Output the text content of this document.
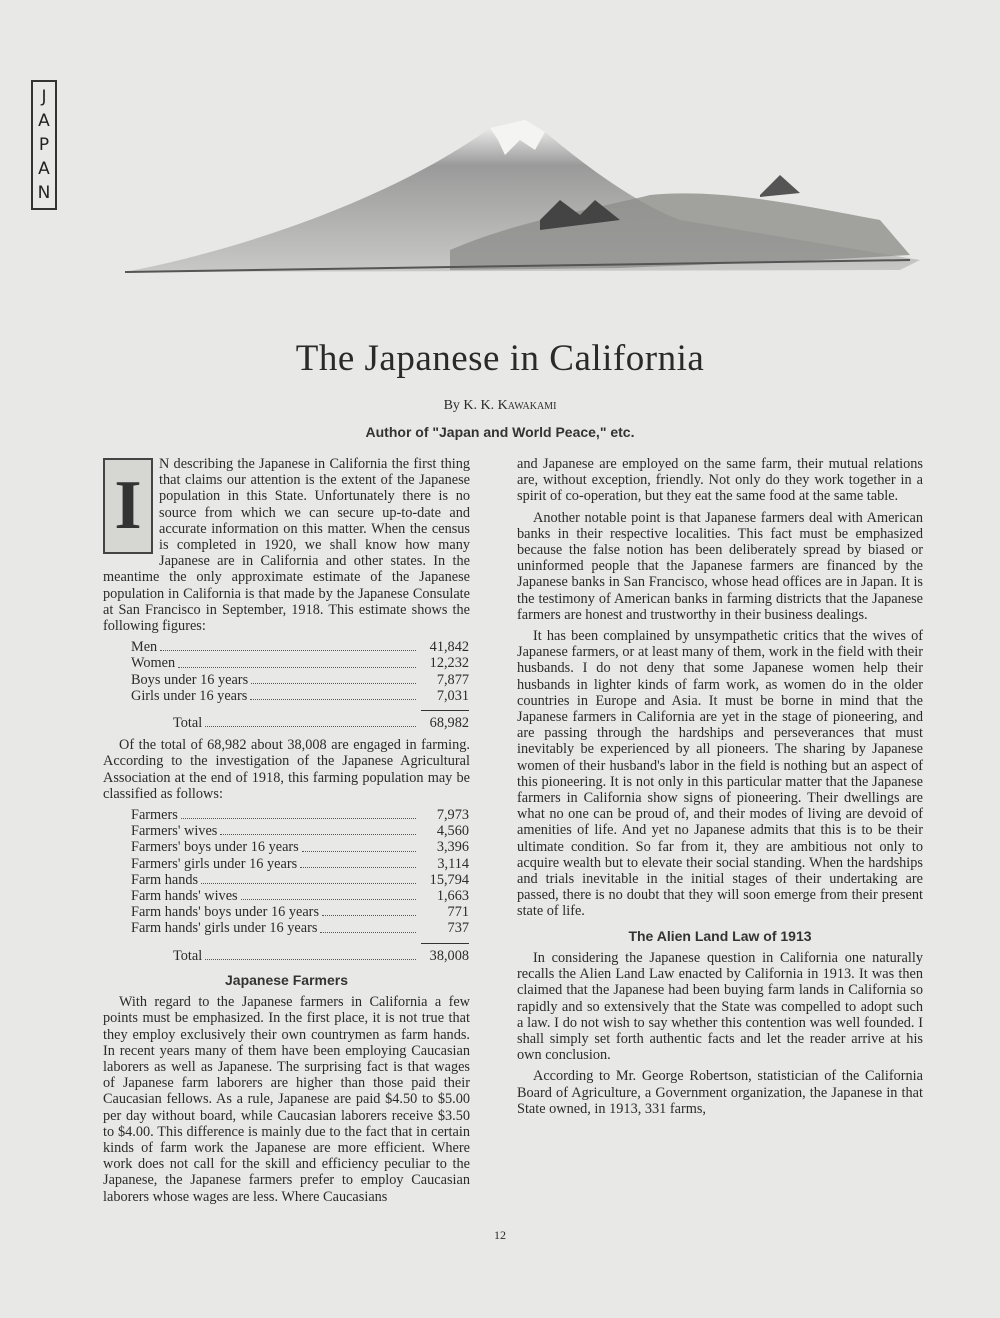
J
A
P
A
N
The Japanese in California
By K. K. Kawakami
Author of "Japan and World Peace," etc.

I
N describing the Japanese in California the first thing that claims our attention is the extent of the Japanese population in this State. Unfortunately there is no source from which we can secure up-to-date and accurate information on this matter. When the census is completed in 1920, we shall know how many Japanese are in California and other states. In the meantime the only approximate estimate of the Japanese population in California is that made by the Japanese Consulate at San Francisco in September, 1918. This estimate shows the following figures:

Men	41,842
Women	12,232
Boys under 16 years	7,877
Girls under 16 years	7,031
Total	68,982

Of the total of 68,982 about 38,008 are engaged in farming. According to the investigation of the Japanese Agricultural Association at the end of 1918, this farming population may be classified as follows:

Farmers	7,973
Farmers' wives	4,560
Farmers' boys under 16 years	3,396
Farmers' girls under 16 years	3,114
Farm hands	15,794
Farm hands' wives	1,663
Farm hands' boys under 16 years	771
Farm hands' girls under 16 years	737
Total	38,008
Japanese Farmers

With regard to the Japanese farmers in California a few points must be emphasized. In the first place, it is not true that they employ exclusively their own countrymen as farm hands. In recent years many of them have been employing Caucasian laborers as well as Japanese. The surprising fact is that wages of Japanese farm laborers are higher than those paid their Caucasian fellows. As a rule, Japanese are paid $4.50 to $5.00 per day without board, while Caucasian laborers receive $3.50 to $4.00. This difference is mainly due to the fact that in certain kinds of farm work the Japanese are more efficient. Where work does not call for the skill and efficiency peculiar to the Japanese, the Japanese farmers prefer to employ Caucasian laborers whose wages are less. Where Caucasians

and Japanese are employed on the same farm, their mutual relations are, without exception, friendly. Not only do they work together in a spirit of co-operation, but they eat the same food at the same table.

Another notable point is that Japanese farmers deal with American banks in their respective localities. This fact must be emphasized because the false notion has been deliberately spread by biased or uninformed people that the Japanese farmers are financed by the Japanese banks in San Francisco, whose head offices are in Japan. It is the testimony of American banks in farming districts that the Japanese farmers are honest and trustworthy in their business dealings.

It has been complained by unsympathetic critics that the wives of Japanese farmers, or at least many of them, work in the field with their husbands. I do not deny that some Japanese women help their husbands in lighter kinds of farm work, as women do in the older countries in Europe and Asia. It must be borne in mind that the Japanese farmers in California are yet in the stage of pioneering, and are passing through the hardships and perseverances that must inevitably be experienced by all pioneers. The sharing by Japanese women of their husband's labor in the field is nothing but an aspect of this pioneering. It is not only in this particular matter that the Japanese farmers in California show signs of pioneering. Their dwellings are what no one can be proud of, and their modes of living are devoid of amenities of life. And yet no Japanese admits that this is to be their ultimate condition. So far from it, they are ambitious not only to acquire wealth but to elevate their social standing. When the hardships and trials inevitable in the initial stages of their undertaking are passed, there is no doubt that they will soon emerge from their present state of life.

The Alien Land Law of 1913

In considering the Japanese question in California one naturally recalls the Alien Land Law enacted by California in 1913. It was then claimed that the Japanese had been buying farm lands in California so rapidly and so extensively that the State was compelled to adopt such a law. I do not wish to say whether this contention was well founded. I shall simply set forth authentic facts and let the reader arrive at his own conclusion.

According to Mr. George Robertson, statistician of the California Board of Agriculture, a Government organization, the Japanese in that State owned, in 1913, 331 farms,

12
